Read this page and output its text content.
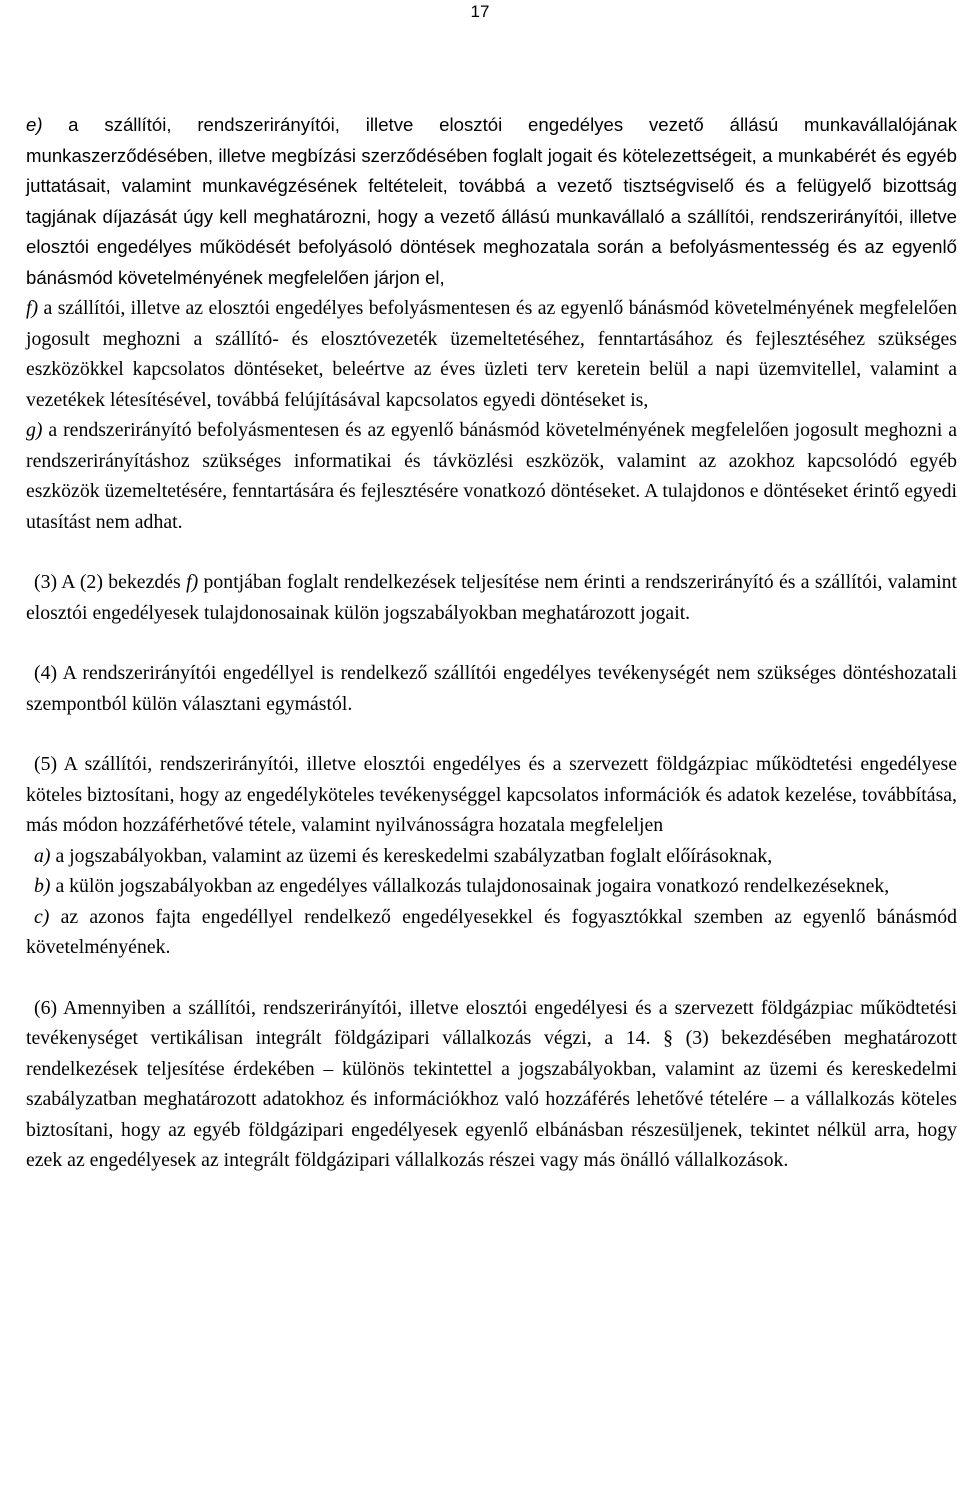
17

e) a szállítói, rendszerirányítói, illetve elosztói engedélyes vezető állású munkavállalójának munkaszerződésében, illetve megbízási szerződésében foglalt jogait és kötelezettségeit, a munkabérét és egyéb juttatásait, valamint munkavégzésének feltételeit, továbbá a vezető tisztségviselő és a felügyelő bizottság tagjának díjazását úgy kell meghatározni, hogy a vezető állású munkavállaló a szállítói, rendszerirányítói, illetve elosztói engedélyes működését befolyásoló döntések meghozatala során a befolyásmentesség és az egyenlő bánásmód követelményének megfelelően járjon el,

f) a szállítói, illetve az elosztói engedélyes befolyásmentesen és az egyenlő bánásmód követelményének megfelelően jogosult meghozni a szállító- és elosztóvezeték üzemeltetéséhez, fenntartásához és fejlesztéséhez szükséges eszközökkel kapcsolatos döntéseket, beleértve az éves üzleti terv keretein belül a napi üzemvitellel, valamint a vezetékek létesítésével, továbbá felújításával kapcsolatos egyedi döntéseket is,

g) a rendszerirányító befolyásmentesen és az egyenlő bánásmód követelményének megfelelően jogosult meghozni a rendszerirányításhoz szükséges informatikai és távközlési eszközök, valamint az azokhoz kapcsolódó egyéb eszközök üzemeltetésére, fenntartására és fejlesztésére vonatkozó döntéseket. A tulajdonos e döntéseket érintő egyedi utasítást nem adhat.

(3) A (2) bekezdés f) pontjában foglalt rendelkezések teljesítése nem érinti a rendszerirányító és a szállítói, valamint elosztói engedélyesek tulajdonosainak külön jogszabályokban meghatározott jogait.

(4) A rendszerirányítói engedéllyel is rendelkező szállítói engedélyes tevékenységét nem szükséges döntéshozatali szempontból külön választani egymástól.

(5) A szállítói, rendszerirányítói, illetve elosztói engedélyes és a szervezett földgázpiac működtetési engedélyese köteles biztosítani, hogy az engedélyköteles tevékenységgel kapcsolatos információk és adatok kezelése, továbbítása, más módon hozzáférhetővé tétele, valamint nyilvánosságra hozatala megfeleljen

a) a jogszabályokban, valamint az üzemi és kereskedelmi szabályzatban foglalt előírásoknak,

b) a külön jogszabályokban az engedélyes vállalkozás tulajdonosainak jogaira vonatkozó rendelkezéseknek,

c) az azonos fajta engedéllyel rendelkező engedélyesekkel és fogyasztókkal szemben az egyenlő bánásmód követelményének.

(6) Amennyiben a szállítói, rendszerirányítói, illetve elosztói engedélyesi és a szervezett földgázpiac működtetési tevékenységet vertikálisan integrált földgázipari vállalkozás végzi, a 14. § (3) bekezdésében meghatározott rendelkezések teljesítése érdekében – különös tekintettel a jogszabályokban, valamint az üzemi és kereskedelmi szabályzatban meghatározott adatokhoz és információkhoz való hozzáférés lehetővé tételére – a vállalkozás köteles biztosítani, hogy az egyéb földgázipari engedélyesek egyenlő elbánásban részesüljenek, tekintet nélkül arra, hogy ezek az engedélyesek az integrált földgázipari vállalkozás részei vagy más önálló vállalkozások.
